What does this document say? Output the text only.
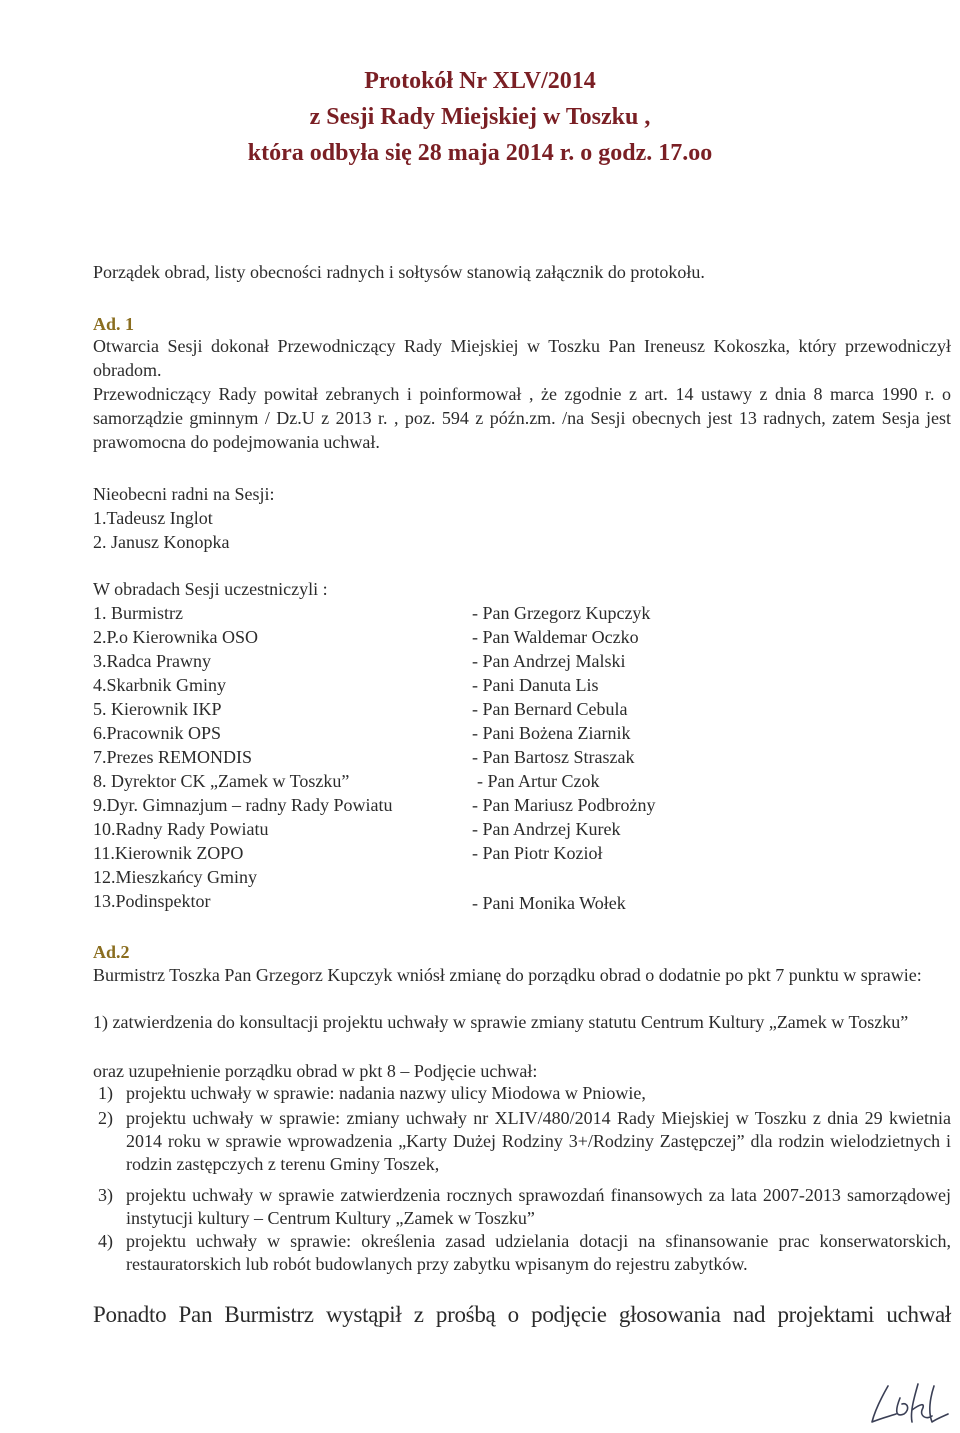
Protokół Nr XLV/2014
z Sesji Rady Miejskiej w Toszku ,
która odbyła się 28 maja 2014 r. o godz. 17.oo

Porządek obrad, listy obecności radnych i sołtysów stanowią załącznik do protokołu.

Ad. 1

Otwarcia Sesji dokonał Przewodniczący Rady Miejskiej w Toszku Pan Ireneusz Kokoszka, który przewodniczył obradom.

Przewodniczący Rady powitał zebranych i poinformował , że zgodnie z art. 14 ustawy z dnia 8 marca 1990 r. o samorządzie gminnym / Dz.U z 2013 r. , poz. 594 z późn.zm. /na Sesji obecnych jest 13 radnych, zatem Sesja jest prawomocna do podejmowania uchwał.

Nieobecni radni na Sesji:

1.Tadeusz Inglot

2. Janusz Konopka

W obradach Sesji uczestniczyli :

1. Burmistrz	- Pan Grzegorz Kupczyk
2.P.o Kierownika OSO	- Pan Waldemar Oczko
3.Radca Prawny	- Pan Andrzej Malski
4.Skarbnik Gminy	- Pani Danuta Lis
5. Kierownik IKP	- Pan Bernard Cebula
6.Pracownik OPS	- Pani Bożena Ziarnik
7.Prezes REMONDIS	- Pan Bartosz Straszak
8. Dyrektor CK „Zamek w Toszku”	- Pan Artur Czok
9.Dyr. Gimnazjum – radny Rady Powiatu	- Pan Mariusz Podbrożny
10.Radny Rady Powiatu	- Pan Andrzej Kurek
11.Kierownik ZOPO	- Pan Piotr Kozioł
12.Mieszkańcy Gminy
13.Podinspektor	- Pani Monika Wołek

Ad.2

Burmistrz Toszka Pan Grzegorz Kupczyk wniósł zmianę do porządku obrad o dodatnie po pkt 7 punktu w sprawie:

1) zatwierdzenia do konsultacji projektu uchwały w sprawie zmiany statutu Centrum Kultury „Zamek w Toszku”

oraz uzupełnienie porządku obrad w pkt 8 – Podjęcie uchwał:

1) projektu uchwały w sprawie: nadania nazwy ulicy Miodowa w Pniowie,
2) projektu uchwały w sprawie: zmiany uchwały nr XLIV/480/2014 Rady Miejskiej w Toszku z dnia 29 kwietnia 2014 roku w sprawie wprowadzenia „Karty Dużej Rodziny 3+/Rodziny Zastępczej” dla rodzin wielodzietnych i rodzin zastępczych z terenu Gminy Toszek,
3) projektu uchwały w sprawie zatwierdzenia rocznych sprawozdań finansowych za lata 2007-2013 samorządowej instytucji kultury – Centrum Kultury „Zamek w Toszku”
4) projektu uchwały w sprawie: określenia zasad udzielania dotacji na sfinansowanie prac konserwatorskich, restauratorskich lub robót budowlanych przy zabytku wpisanym do rejestru zabytków.

Ponadto Pan Burmistrz wystąpił z prośbą o podjęcie głosowania nad projektami uchwał
